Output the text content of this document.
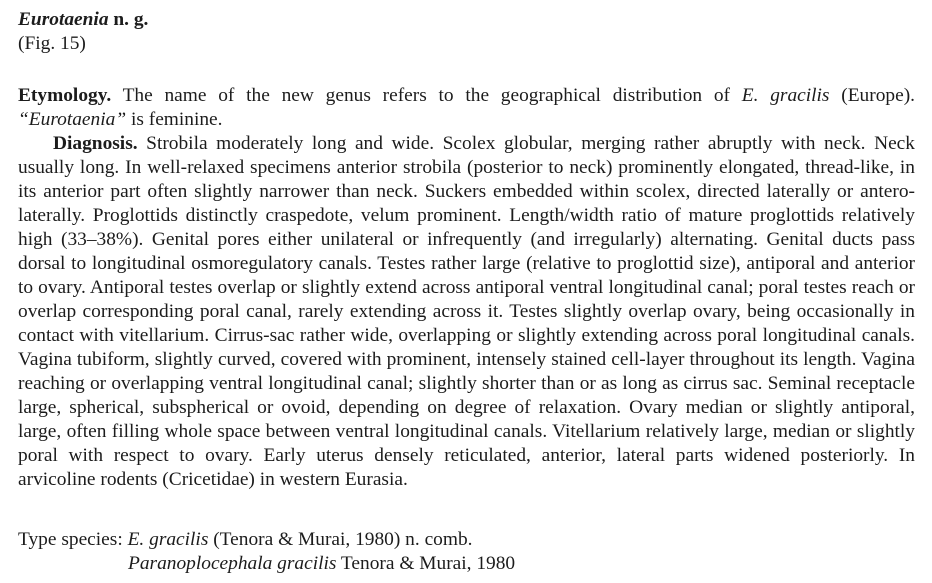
Eurotaenia n. g.
(Fig. 15)

Etymology. The name of the new genus refers to the geographical distribution of E. gracilis (Europe). “Eurotaenia” is feminine.

Diagnosis. Strobila moderately long and wide. Scolex globular, merging rather abruptly with neck. Neck usually long. In well-relaxed specimens anterior strobila (posterior to neck) prominently elongated, thread-like, in its anterior part often slightly narrower than neck. Suckers embedded within scolex, directed laterally or antero-laterally. Proglottids distinctly craspedote, velum prominent. Length/width ratio of mature proglottids relatively high (33–38%). Genital pores either unilateral or infrequently (and irregularly) alternating. Genital ducts pass dorsal to longitudinal osmoregulatory canals. Testes rather large (relative to proglottid size), antiporal and anterior to ovary. Antiporal testes overlap or slightly extend across antiporal ventral longitudinal canal; poral testes reach or overlap corresponding poral canal, rarely extending across it. Testes slightly overlap ovary, being occasionally in contact with vitellarium. Cirrus-sac rather wide, overlapping or slightly extending across poral longitudinal canals. Vagina tubiform, slightly curved, covered with prominent, intensely stained cell-layer throughout its length. Vagina reaching or overlapping ventral longitudinal canal; slightly shorter than or as long as cirrus sac. Seminal receptacle large, spherical, subspherical or ovoid, depending on degree of relaxation. Ovary median or slightly antiporal, large, often filling whole space between ventral longitudinal canals. Vitellarium relatively large, median or slightly poral with respect to ovary. Early uterus densely reticulated, anterior, lateral parts widened posteriorly. In arvicoline rodents (Cricetidae) in western Eurasia.

Type species: E. gracilis (Tenora & Murai, 1980) n. comb.
Paranoplocephala gracilis Tenora & Murai, 1980
